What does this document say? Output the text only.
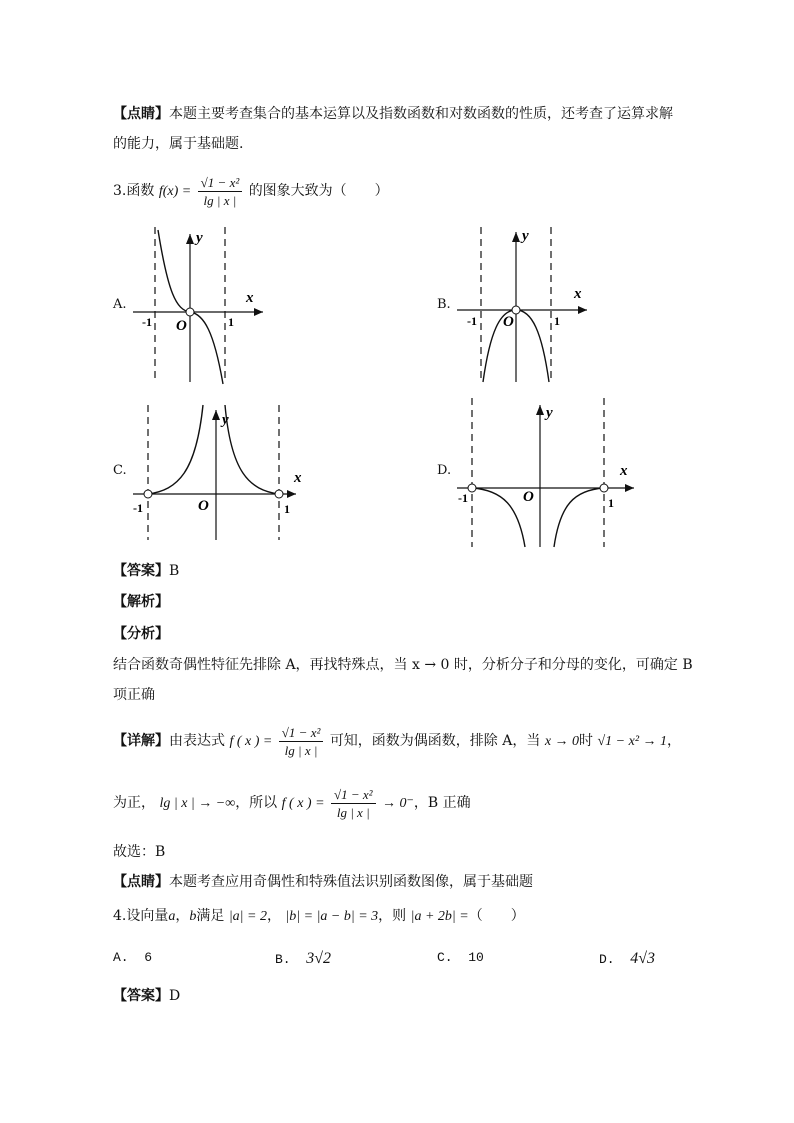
【点睛】本题主要考查集合的基本运算以及指数函数和对数函数的性质，还考查了运算求解
的能力，属于基础题.
3.函数 $f(x) = \frac{\text{√1 − x²}}{\lg | x |}$ 的图象大致为（　　）
A.	x
y
O
-1	1
B.
x
y
O
-1	1
C.	x
y
O
-1	1
D.	x
y
O
-1	1
【答案】B
【解析】
【分析】
结合函数奇偶性特征先排除 A，再找特殊点，当 x → 0 时，分析分子和分母的变化，可确定 B
项正确
【详解】由表达式 f ( x ) = $\frac{\text{√1 − x²}}{\lg | x |}$ 可知，函数为偶函数，排除 A，当 x → 0时 √1 − x² → 1，
为正， lg | x | → −∞，所以 f ( x ) = $\frac{\text{√1 − x²}}{\lg | x |} \to 0^-$，B 正确
故选：B
【点睛】本题考查应用奇偶性和特殊值法识别函数图像，属于基础题
4.设向量a，b满足 |a| = 2， |b| = |a − b| = 3，则 |a + 2b| =（　　）
A. 6	B. 3√2	C. 10	D. 4√3
【答案】D
